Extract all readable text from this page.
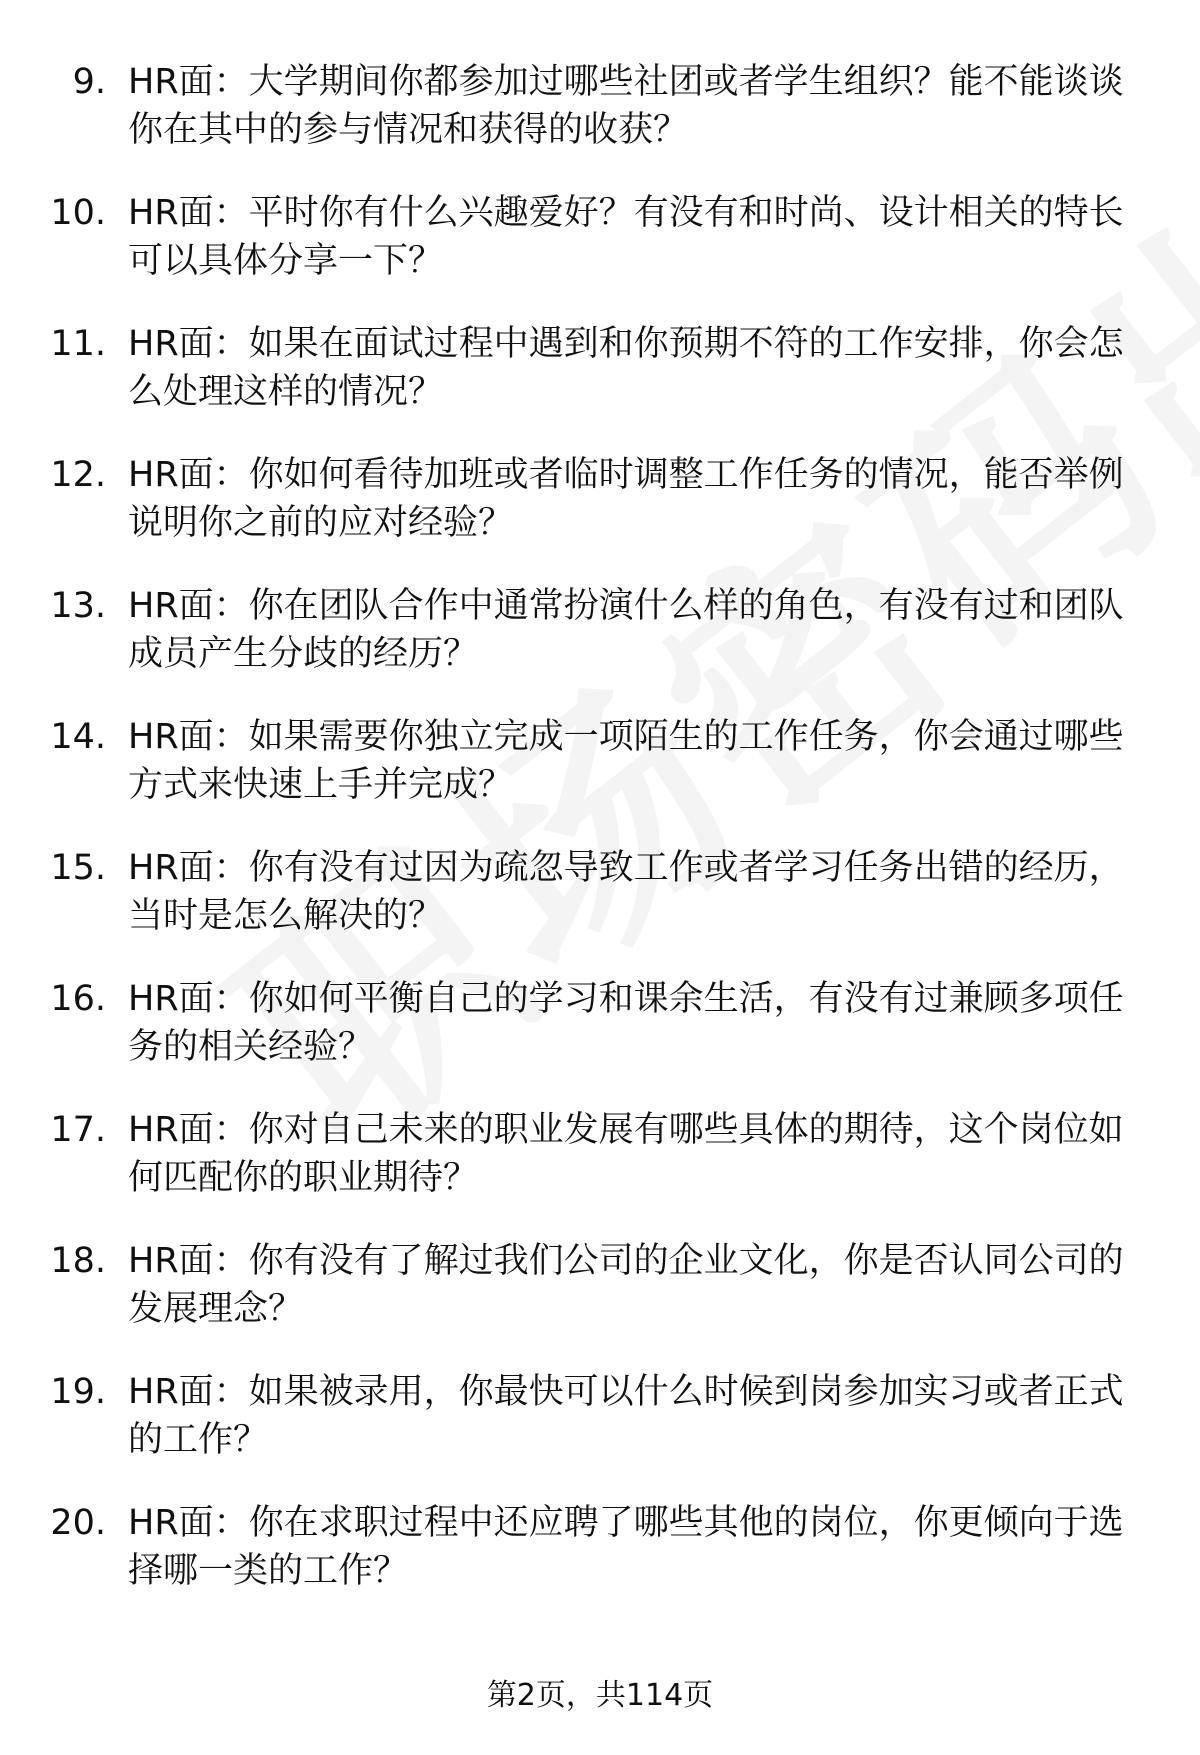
9. HR面：大学期间你都参加过哪些社团或者学生组织？能不能谈谈你在其中的参与情况和获得的收获？
10. HR面：平时你有什么兴趣爱好？有没有和时尚、设计相关的特长可以具体分享一下？
11. HR面：如果在面试过程中遇到和你预期不符的工作安排，你会怎么处理这样的情况？
12. HR面：你如何看待加班或者临时调整工作任务的情况，能否举例说明你之前的应对经验？
13. HR面：你在团队合作中通常扮演什么样的角色，有没有过和团队成员产生分歧的经历？
14. HR面：如果需要你独立完成一项陌生的工作任务，你会通过哪些方式来快速上手并完成？
15. HR面：你有没有过因为疏忽导致工作或者学习任务出错的经历，当时是怎么解决的？
16. HR面：你如何平衡自己的学习和课余生活，有没有过兼顾多项任务的相关经验？
17. HR面：你对自己未来的职业发展有哪些具体的期待，这个岗位如何匹配你的职业期待？
18. HR面：你有没有了解过我们公司的企业文化，你是否认同公司的发展理念？
19. HR面：如果被录用，你最快可以什么时候到岗参加实习或者正式的工作？
20. HR面：你在求职过程中还应聘了哪些其他的岗位，你更倾向于选择哪一类的工作？
第2页，共114页
